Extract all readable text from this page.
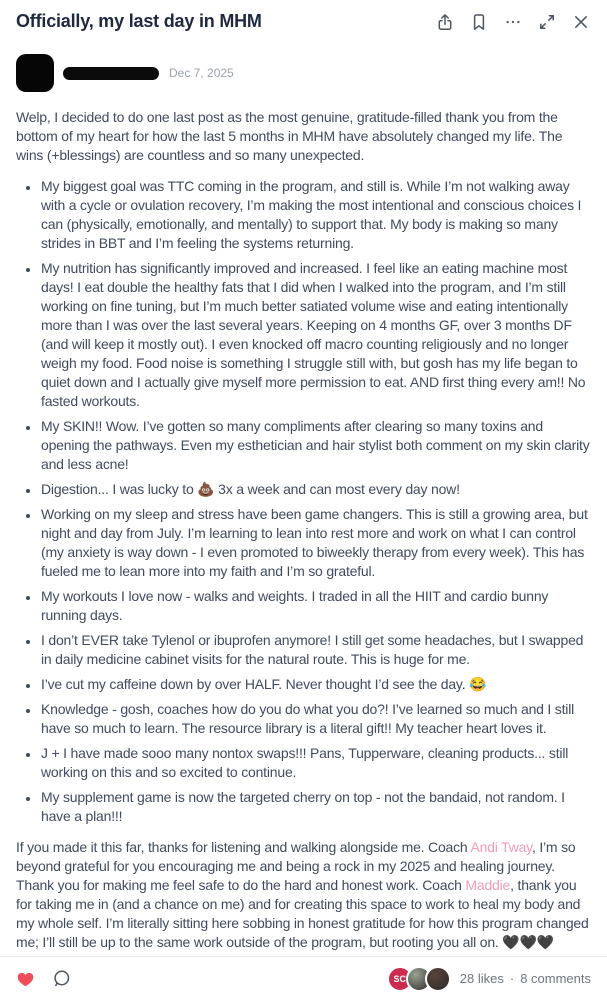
Officially, my last day in MHM
Dec 7, 2025

Welp, I decided to do one last post as the most genuine, gratitude-filled thank you from the bottom of my heart for how the last 5 months in MHM have absolutely changed my life. The wins (+blessings) are countless and so many unexpected.

• My biggest goal was TTC coming in the program, and still is. While I’m not walking away with a cycle or ovulation recovery, I’m making the most intentional and conscious choices I can (physically, emotionally, and mentally) to support that. My body is making so many strides in BBT and I’m feeling the systems returning.
• My nutrition has significantly improved and increased. I feel like an eating machine most days! I eat double the healthy fats that I did when I walked into the program, and I’m still working on fine tuning, but I’m much better satiated volume wise and eating intentionally more than I was over the last several years. Keeping on 4 months GF, over 3 months DF (and will keep it mostly out). I even knocked off macro counting religiously and no longer weigh my food. Food noise is something I struggle still with, but gosh has my life began to quiet down and I actually give myself more permission to eat. AND first thing every am!! No fasted workouts.
• My SKIN!! Wow. I’ve gotten so many compliments after clearing so many toxins and opening the pathways. Even my esthetician and hair stylist both comment on my skin clarity and less acne!
• Digestion... I was lucky to 💩 3x a week and can most every day now!
• Working on my sleep and stress have been game changers. This is still a growing area, but night and day from July. I’m learning to lean into rest more and work on what I can control (my anxiety is way down - I even promoted to biweekly therapy from every week). This has fueled me to lean more into my faith and I’m so grateful.
• My workouts I love now - walks and weights. I traded in all the HIIT and cardio bunny running days.
• I don’t EVER take Tylenol or ibuprofen anymore! I still get some headaches, but I swapped in daily medicine cabinet visits for the natural route. This is huge for me.
• I’ve cut my caffeine down by over HALF. Never thought I’d see the day. 😂
• Knowledge - gosh, coaches how do you do what you do?! I’ve learned so much and I still have so much to learn. The resource library is a literal gift!! My teacher heart loves it.
• J + I have made sooo many nontox swaps!!! Pans, Tupperware, cleaning products... still working on this and so excited to continue.
• My supplement game is now the targeted cherry on top - not the bandaid, not random. I have a plan!!!

If you made it this far, thanks for listening and walking alongside me. Coach Andi Tway, I’m so beyond grateful for you encouraging me and being a rock in my 2025 and healing journey. Thank you for making me feel safe to do the hard and honest work. Coach Maddie, thank you for taking me in (and a chance on me) and for creating this space to work to heal my body and my whole self. I’m literally sitting here sobbing in honest gratitude for how this program changed me; I’ll still be up to the same work outside of the program, but rooting you all on. 🖤🖤🖤

SC	28 likes · 8 comments
